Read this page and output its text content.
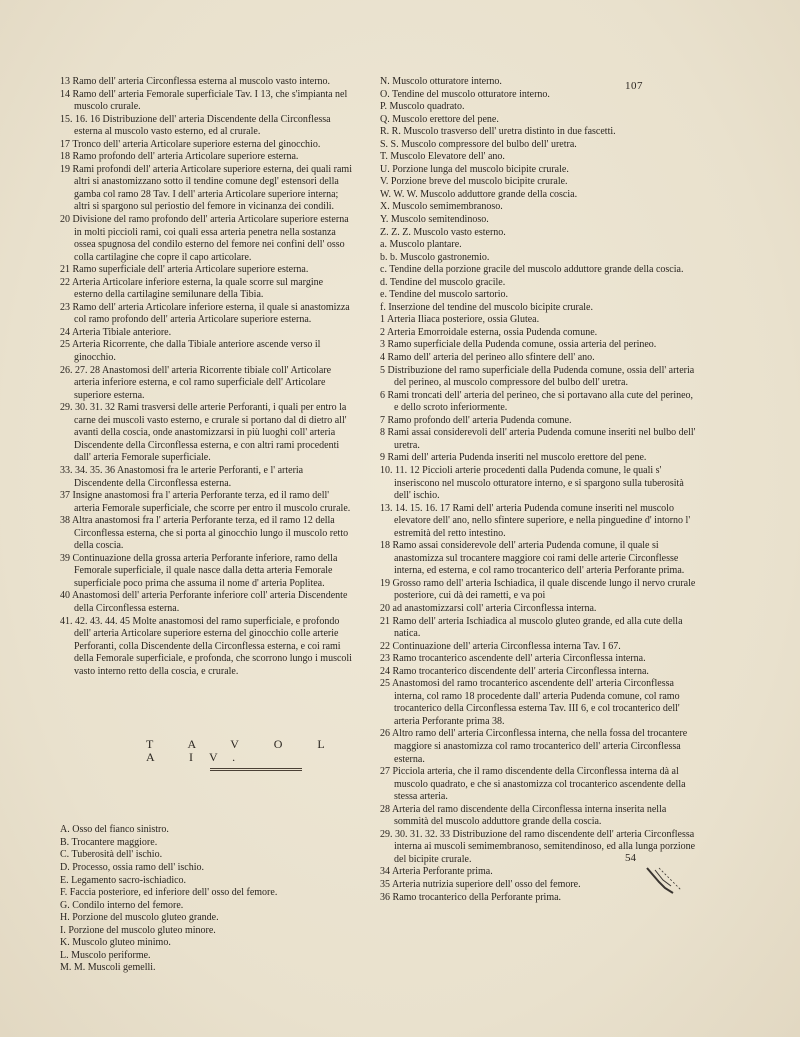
107

13 Ramo dell' arteria Circonflessa esterna al muscolo vasto interno.

14 Ramo dell' arteria Femorale superficiale Tav. I 13, che s'impianta nel muscolo crurale.

15. 16. 16 Distribuzione dell' arteria Discendente della Circonflessa esterna al muscolo vasto esterno, ed al crurale.

17 Tronco dell' arteria Articolare superiore esterna del ginocchio.

18 Ramo profondo dell' arteria Articolare superiore esterna.

19 Rami profondi dell' arteria Articolare superiore esterna, dei quali rami altri si anastomizzano sotto il tendine comune degl' estensori della gamba col ramo 28 Tav. I dell' arteria Articolare superiore interna; altri si spargono sul periostio del femore in vicinanza dei condili.

20 Divisione del ramo profondo dell' arteria Articolare superiore esterna in molti piccioli rami, coi quali essa arteria penetra nella sostanza ossea spugnosa del condilo esterno del femore nei confini dell' osso colla cartilagine che copre il capo articolare.

21 Ramo superficiale dell' arteria Articolare superiore esterna.

22 Arteria Articolare inferiore esterna, la quale scorre sul margine esterno della cartilagine semilunare della Tibia.

23 Ramo dell' arteria Articolare inferiore esterna, il quale si anastomizza col ramo profondo dell' arteria Articolare superiore esterna.

24 Arteria Tibiale anteriore.

25 Arteria Ricorrente, che dalla Tibiale anteriore ascende verso il ginocchio.

26. 27. 28 Anastomosi dell' arteria Ricorrente tibiale coll' Articolare arteria inferiore esterna, e col ramo superficiale dell' Articolare superiore esterna.

29. 30. 31. 32 Rami trasversi delle arterie Perforanti, i quali per entro la carne dei muscoli vasto esterno, e crurale si portano dal di dietro all' avanti della coscia, onde anastomizzarsi in più luoghi coll' arteria Discendente della Circonflessa esterna, e con altri rami procedenti dall' arteria Femorale superficiale.

33. 34. 35. 36 Anastomosi fra le arterie Perforanti, e l' arteria Discendente della Circonflessa esterna.

37 Insigne anastomosi fra l' arteria Perforante terza, ed il ramo dell' arteria Femorale superficiale, che scorre per entro il muscolo crurale.

38 Altra anastomosi fra l' arteria Perforante terza, ed il ramo 12 della Circonflessa esterna, che si porta al ginocchio lungo il muscolo retto della coscia.

39 Continuazione della grossa arteria Perforante inferiore, ramo della Femorale superficiale, il quale nasce dalla detta arteria Femorale superficiale poco prima che assuma il nome d' arteria Poplitea.

40 Anastomosi dell' arteria Perforante inferiore coll' arteria Discendente della Circonflessa esterna.

41. 42. 43. 44. 45 Molte anastomosi del ramo superficiale, e profondo dell' arteria Articolare superiore esterna del ginocchio colle arterie Perforanti, colla Discendente della Circonflessa esterna, e coi rami della Femorale superficiale, e profonda, che scorrono lungo i muscoli vasto interno retto della coscia, e crurale.

T A V O L A IV.

A. Osso del fianco sinistro.

B. Trocantere maggiore.

C. Tuberosità dell' ischio.

D. Processo, ossia ramo dell' ischio.

E. Legamento sacro-ischiadico.

F. Faccia posteriore, ed inferiore dell' osso del femore.

G. Condilo interno del femore.

H. Porzione del muscolo gluteo grande.

I. Porzione del muscolo gluteo minore.

K. Muscolo gluteo minimo.

L. Muscolo periforme.

M. M. Muscoli gemelli.

N. Muscolo otturatore interno.

O. Tendine del muscolo otturatore interno.

P. Muscolo quadrato.

Q. Muscolo erettore del pene.

R. R. Muscolo trasverso dell' uretra distinto in due fascetti.

S. S. Muscolo compressore del bulbo dell' uretra.

T. Muscolo Elevatore dell' ano.

U. Porzione lunga del muscolo bicipite crurale.

V. Porzione breve del muscolo bicipite crurale.

W. W. W. Muscolo adduttore grande della coscia.

X. Muscolo semimembranoso.

Y. Muscolo semitendinoso.

Z. Z. Z. Muscolo vasto esterno.

a. Muscolo plantare.

b. b. Muscolo gastronemio.

c. Tendine della porzione gracile del muscolo adduttore grande della coscia.

d. Tendine del muscolo gracile.

e. Tendine del muscolo sartorio.

f. Inserzione del tendine del muscolo bicipite crurale.

1 Arteria Iliaca posteriore, ossia Glutea.

2 Arteria Emorroidale esterna, ossia Pudenda comune.

3 Ramo superficiale della Pudenda comune, ossia arteria del perineo.

4 Ramo dell' arteria del perineo allo sfintere dell' ano.

5 Distribuzione del ramo superficiale della Pudenda comune, ossia dell' arteria del perineo, al muscolo compressore del bulbo dell' uretra.

6 Rami troncati dell' arteria del perineo, che si portavano alla cute del perineo, e dello scroto inferiormente.

7 Ramo profondo dell' arteria Pudenda comune.

8 Rami assai considerevoli dell' arteria Pudenda comune inseriti nel bulbo dell' uretra.

9 Rami dell' arteria Pudenda inseriti nel muscolo erettore del pene.

10. 11. 12 Piccioli arterie procedenti dalla Pudenda comune, le quali s' inseriscono nel muscolo otturatore interno, e si spargono sulla tuberosità dell' ischio.

13. 14. 15. 16. 17 Rami dell' arteria Pudenda comune inseriti nel muscolo elevatore dell' ano, nello sfintere superiore, e nella pinguedine d' intorno l' estremità del retto intestino.

18 Ramo assai considerevole dell' arteria Pudenda comune, il quale si anastomizza sul trocantere maggiore coi rami delle arterie Circonflesse interna, ed esterna, e col ramo trocanterico dell' arteria Perforante prima.

19 Grosso ramo dell' arteria Ischiadica, il quale discende lungo il nervo crurale posteriore, cui dà dei rametti, e va poi

20 ad anastomizzarsi coll' arteria Circonflessa interna.

21 Ramo dell' arteria Ischiadica al muscolo gluteo grande, ed alla cute della natica.

22 Continuazione dell' arteria Circonflessa interna Tav. I 67.

23 Ramo trocanterico ascendente dell' arteria Circonflessa interna.

24 Ramo trocanterico discendente dell' arteria Circonflessa interna.

25 Anastomosi del ramo trocanterico ascendente dell' arteria Circonflessa interna, col ramo 18 procedente dall' arteria Pudenda comune, col ramo trocanterico della Circonflessa esterna Tav. III 6, e col trocanterico dell' arteria Perforante prima 38.

26 Altro ramo dell' arteria Circonflessa interna, che nella fossa del trocantere maggiore si anastomizza col ramo trocanterico dell' arteria Circonflessa esterna.

27 Picciola arteria, che il ramo discendente della Circonflessa interna dà al muscolo quadrato, e che si anastomizza col trocanterico ascendente della stessa arteria.

28 Arteria del ramo discendente della Circonflessa interna inserita nella sommità del muscolo adduttore grande della coscia.

29. 30. 31. 32. 33 Distribuzione del ramo discendente dell' arteria Circonflessa interna ai muscoli semimembranoso, semitendinoso, ed alla lunga porzione del bicipite crurale.

34 Arteria Perforante prima.

35 Arteria nutrizia superiore dell' osso del femore.

36 Ramo trocanterico della Perforante prima.

54
